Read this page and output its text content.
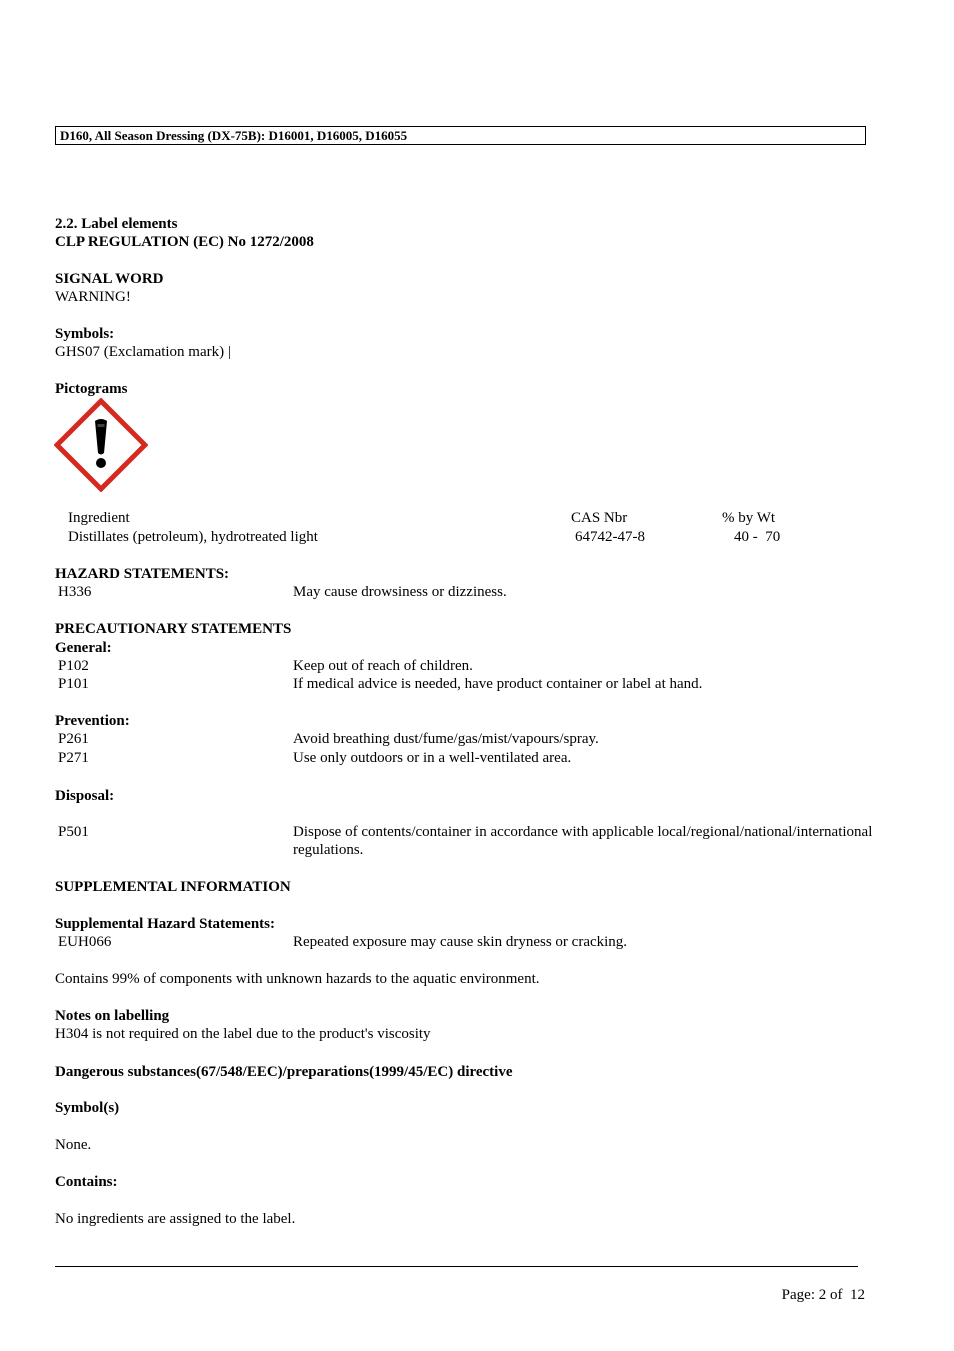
D160, All Season Dressing (DX-75B): D16001, D16005, D16055
2.2. Label elements
CLP REGULATION (EC) No 1272/2008
SIGNAL WORD
WARNING!
Symbols:
GHS07 (Exclamation mark) |
Pictograms
Ingredient	CAS Nbr	% by Wt
Distillates (petroleum), hydrotreated light	64742-47-8	40 -  70
HAZARD STATEMENTS:
H336	May cause drowsiness or dizziness.
PRECAUTIONARY STATEMENTS
General:
P102	Keep out of reach of children.
P101	If medical advice is needed, have product container or label at hand.
Prevention:
P261	Avoid breathing dust/fume/gas/mist/vapours/spray.
P271	Use only outdoors or in a well-ventilated area.
Disposal:
P501	Dispose of contents/container in accordance with applicable local/regional/national/international regulations.
SUPPLEMENTAL INFORMATION
Supplemental Hazard Statements:
EUH066	Repeated exposure may cause skin dryness or cracking.
Contains 99% of components with unknown hazards to the aquatic environment.
Notes on labelling
H304 is not required on the label due to the product's viscosity
Dangerous substances(67/548/EEC)/preparations(1999/45/EC) directive
Symbol(s)
None.
Contains:
No ingredients are assigned to the label.
Page: 2 of  12
